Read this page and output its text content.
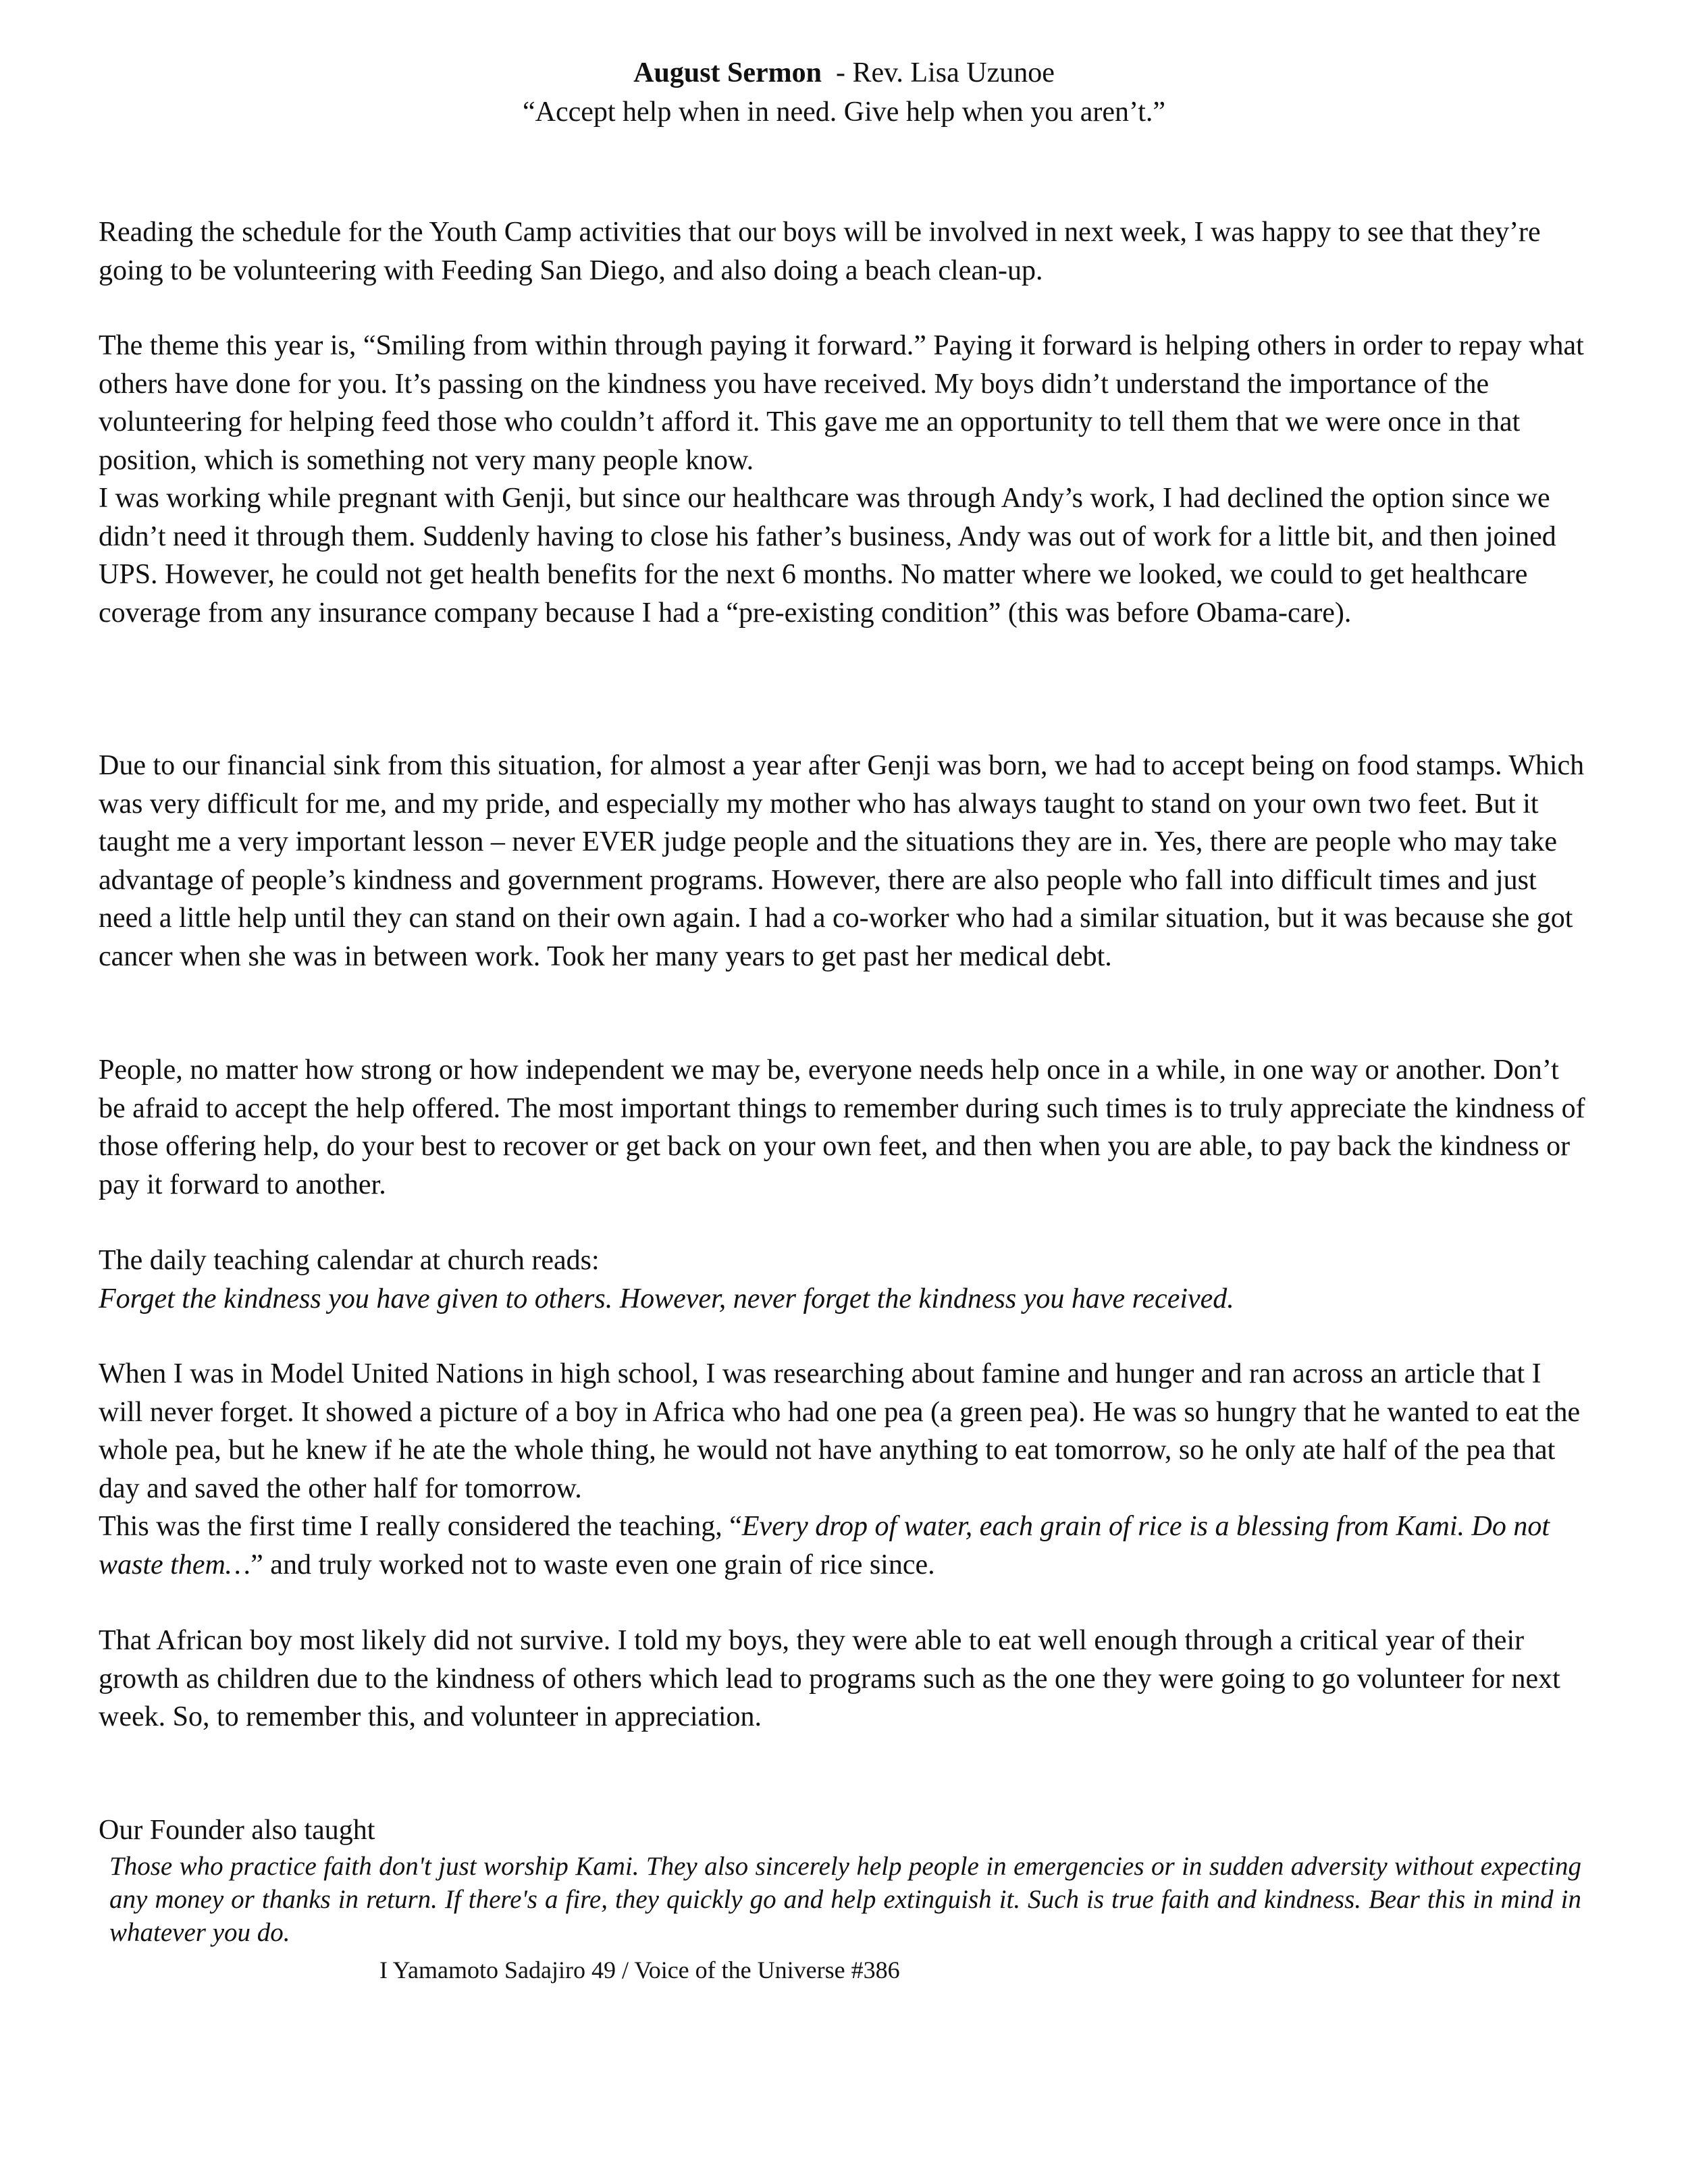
August Sermon  - Rev. Lisa Uzunoe
“Accept help when in need. Give help when you aren’t.”

Reading the schedule for the Youth Camp activities that our boys will be involved in next week, I was happy to see that they’re going to be volunteering with Feeding San Diego, and also doing a beach clean-up.

The theme this year is, “Smiling from within through paying it forward.” Paying it forward is helping others in order to repay what others have done for you. It’s passing on the kindness you have received. My boys didn’t understand the importance of the volunteering for helping feed those who couldn’t afford it. This gave me an opportunity to tell them that we were once in that position, which is something not very many people know.

I was working while pregnant with Genji, but since our healthcare was through Andy’s work, I had declined the option since we didn’t need it through them. Suddenly having to close his father’s business, Andy was out of work for a little bit, and then joined UPS. However, he could not get health benefits for the next 6 months. No matter where we looked, we could to get healthcare coverage from any insurance company because I had a “pre-existing condition” (this was before Obama-care).

Due to our financial sink from this situation, for almost a year after Genji was born, we had to accept being on food stamps. Which was very difficult for me, and my pride, and especially my mother who has always taught to stand on your own two feet. But it taught me a very important lesson – never EVER judge people and the situations they are in. Yes, there are people who may take advantage of people’s kindness and government programs. However, there are also people who fall into difficult times and just need a little help until they can stand on their own again. I had a co-worker who had a similar situation, but it was because she got cancer when she was in between work. Took her many years to get past her medical debt.

People, no matter how strong or how independent we may be, everyone needs help once in a while, in one way or another. Don’t be afraid to accept the help offered. The most important things to remember during such times is to truly appreciate the kindness of those offering help, do your best to recover or get back on your own feet, and then when you are able, to pay back the kindness or pay it forward to another.

The daily teaching calendar at church reads:

Forget the kindness you have given to others. However, never forget the kindness you have received.

When I was in Model United Nations in high school, I was researching about famine and hunger and ran across an article that I will never forget. It showed a picture of a boy in Africa who had one pea (a green pea). He was so hungry that he wanted to eat the whole pea, but he knew if he ate the whole thing, he would not have anything to eat tomorrow, so he only ate half of the pea that day and saved the other half for tomorrow.

This was the first time I really considered the teaching, “Every drop of water, each grain of rice is a blessing from Kami. Do not waste them…” and truly worked not to waste even one grain of rice since.

That African boy most likely did not survive. I told my boys, they were able to eat well enough through a critical year of their growth as children due to the kindness of others which lead to programs such as the one they were going to go volunteer for next week. So, to remember this, and volunteer in appreciation.

Our Founder also taught
Those who practice faith don't just worship Kami. They also sincerely help people in emergencies or in sudden adversity without expecting any money or thanks in return. If there's a fire, they quickly go and help extinguish it. Such is true faith and kindness. Bear this in mind in whatever you do.
I Yamamoto Sadajiro 49 / Voice of the Universe #386
